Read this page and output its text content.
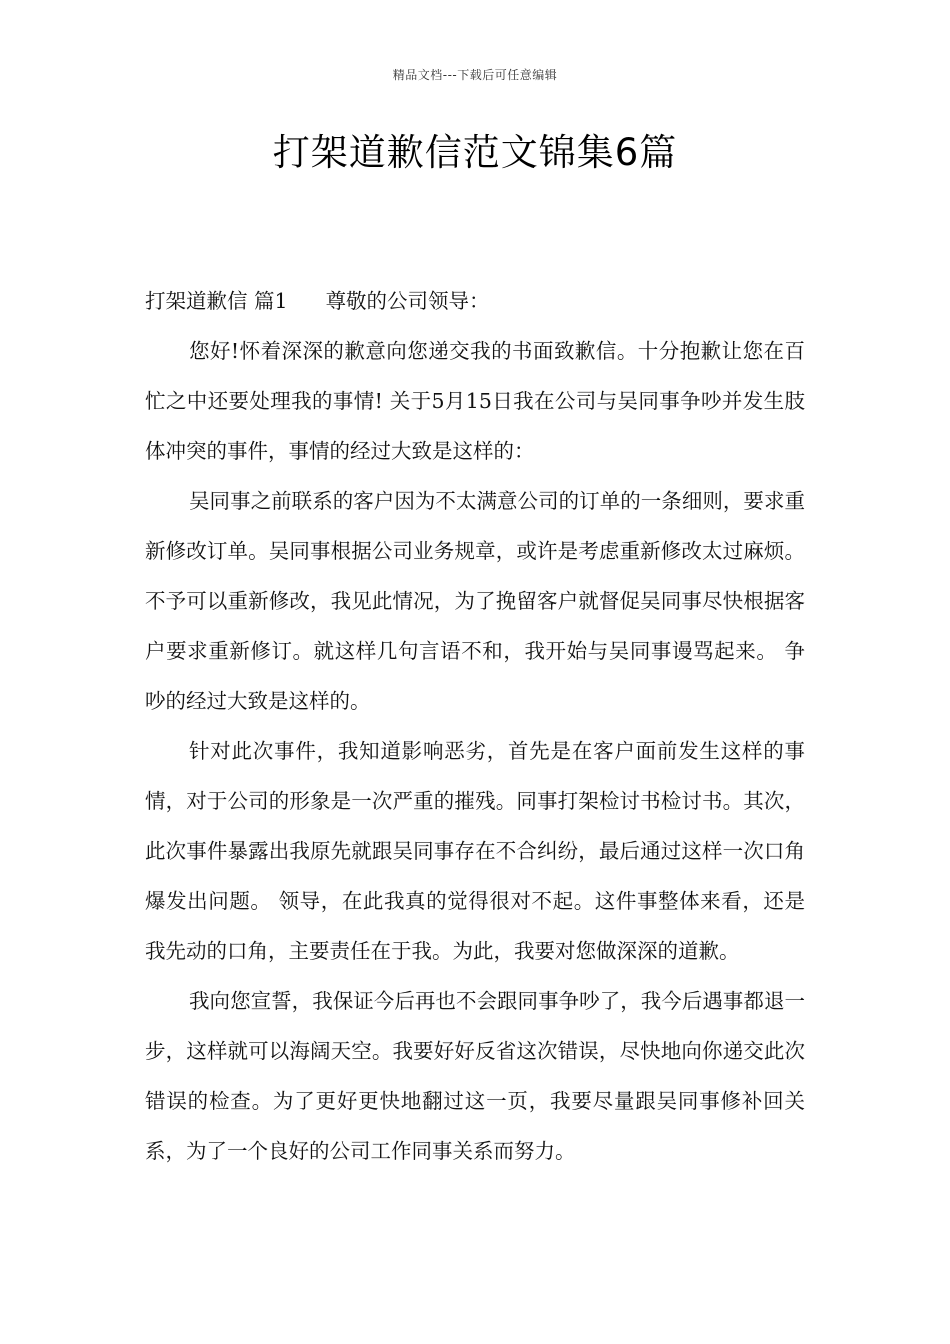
精品文档---下载后可任意编辑
打架道歉信范文锦集6篇

打架道歉信 篇1 尊敬的公司领导：

您好!怀着深深的歉意向您递交我的书面致歉信。十分抱歉让您在百忙之中还要处理我的事情! 关于5月15日我在公司与吴同事争吵并发生肢体冲突的事件，事情的经过大致是这样的：

吴同事之前联系的客户因为不太满意公司的订单的一条细则，要求重新修改订单。吴同事根据公司业务规章，或许是考虑重新修改太过麻烦。不予可以重新修改，我见此情况，为了挽留客户就督促吴同事尽快根据客户要求重新修订。就这样几句言语不和，我开始与吴同事谩骂起来。 争吵的经过大致是这样的。

针对此次事件，我知道影响恶劣，首先是在客户面前发生这样的事情，对于公司的形象是一次严重的摧残。同事打架检讨书检讨书。其次，此次事件暴露出我原先就跟吴同事存在不合纠纷，最后通过这样一次口角爆发出问题。 领导，在此我真的觉得很对不起。这件事整体来看，还是我先动的口角，主要责任在于我。为此，我要对您做深深的道歉。

我向您宣誓，我保证今后再也不会跟同事争吵了，我今后遇事都退一步，这样就可以海阔天空。我要好好反省这次错误，尽快地向你递交此次错误的检查。为了更好更快地翻过这一页，我要尽量跟吴同事修补回关系，为了一个良好的公司工作同事关系而努力。
